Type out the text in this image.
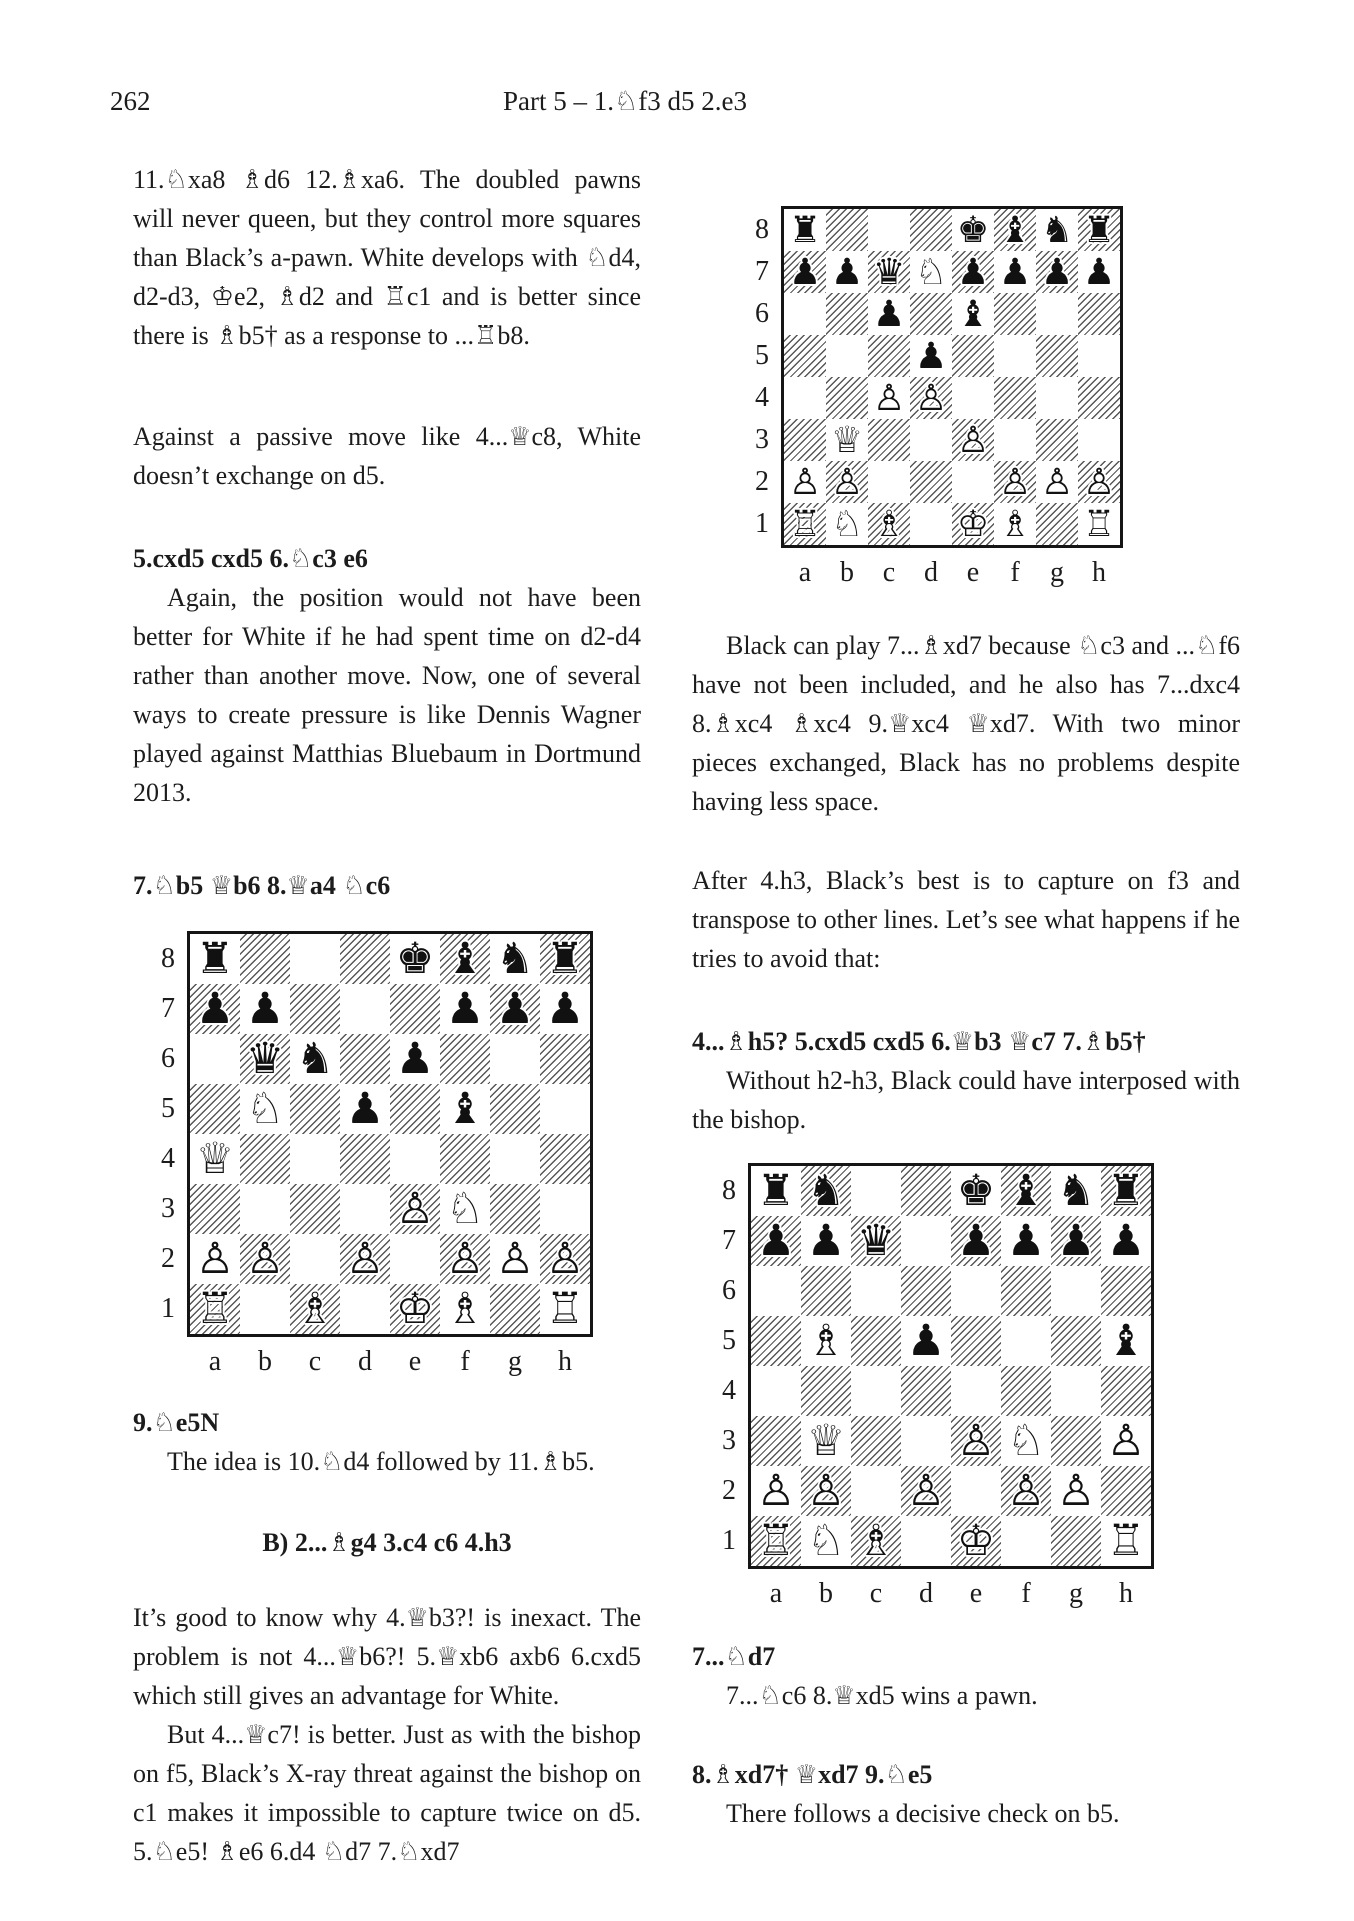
262	Part 5 – 1.♘f3 d5 2.e3

11.♘xa8 ♗d6 12.♗xa6. The doubled pawns will never queen, but they control more squares than Black’s a-pawn. White develops with ♘d4, d2-d3, ♔e2, ♗d2 and ♖c1 and is better since there is ♗b5† as a response to ...♖b8.

Against a passive move like 4...♕c8, White doesn’t exchange on d5.

5.cxd5 cxd5 6.♘c3 e6

Again, the position would not have been better for White if he had spent time on d2-d4 rather than another move. Now, one of several ways to create pressure is like Dennis Wagner played against Matthias Bluebaum in Dortmund 2013.

7.♘b5 ♕b6 8.♕a4 ♘c6

8
7
6
5
4
3
2
1
♜	♚ ♝ ♞ ♜
♟ ♟	♟ ♟ ♟
♛ ♞ ♟
♘ ♟ ♝
♕
♙ ♘
♙ ♙ ♙ ♙ ♙ ♙
♖ ♗ ♔ ♗ ♖
a	b	c	d	e	f	g	h

9.♘e5N

The idea is 10.♘d4 followed by 11.♗b5.

B) 2...♗g4 3.c4 c6 4.h3

It’s good to know why 4.♕b3?! is inexact. The problem is not 4...♕b6?! 5.♕xb6 axb6 6.cxd5 which still gives an advantage for White.

But 4...♕c7! is better. Just as with the bishop on f5, Black’s X-ray threat against the bishop on c1 makes it impossible to capture twice on d5. 5.♘e5! ♗e6 6.d4 ♘d7 7.♘xd7

8
7
6
5
4
3
2
1
♜	♚ ♝ ♞ ♜
♟ ♟ ♛ ♘ ♟ ♟ ♟ ♟
♟ ♝
♟
♙ ♙
♕	♙
♙ ♙	♙ ♙ ♙
♖ ♘ ♗ ♔ ♗ ♖
a	b	c	d	e	f	g	h

Black can play 7...♗xd7 because ♘c3 and ...♘f6 have not been included, and he also has 7...dxc4 8.♗xc4 ♗xc4 9.♕xc4 ♕xd7. With two minor pieces exchanged, Black has no problems despite having less space.

After 4.h3, Black’s best is to capture on f3 and transpose to other lines. Let’s see what happens if he tries to avoid that:

4...♗h5? 5.cxd5 cxd5 6.♕b3 ♕c7 7.♗b5†

Without h2-h3, Black could have interposed with the bishop.

8
7
6
5
4
3
2
1
♜ ♞	♚ ♝ ♞ ♜
♟ ♟ ♛ ♟ ♟ ♟ ♟
♗ ♟	♝
♕	♙ ♘ ♙
♙ ♙ ♙ ♙ ♙
♖ ♘ ♗ ♔	♖
a	b	c	d	e	f	g	h

7...♘d7

7...♘c6 8.♕xd5 wins a pawn.

8.♗xd7† ♕xd7 9.♘e5

There follows a decisive check on b5.
